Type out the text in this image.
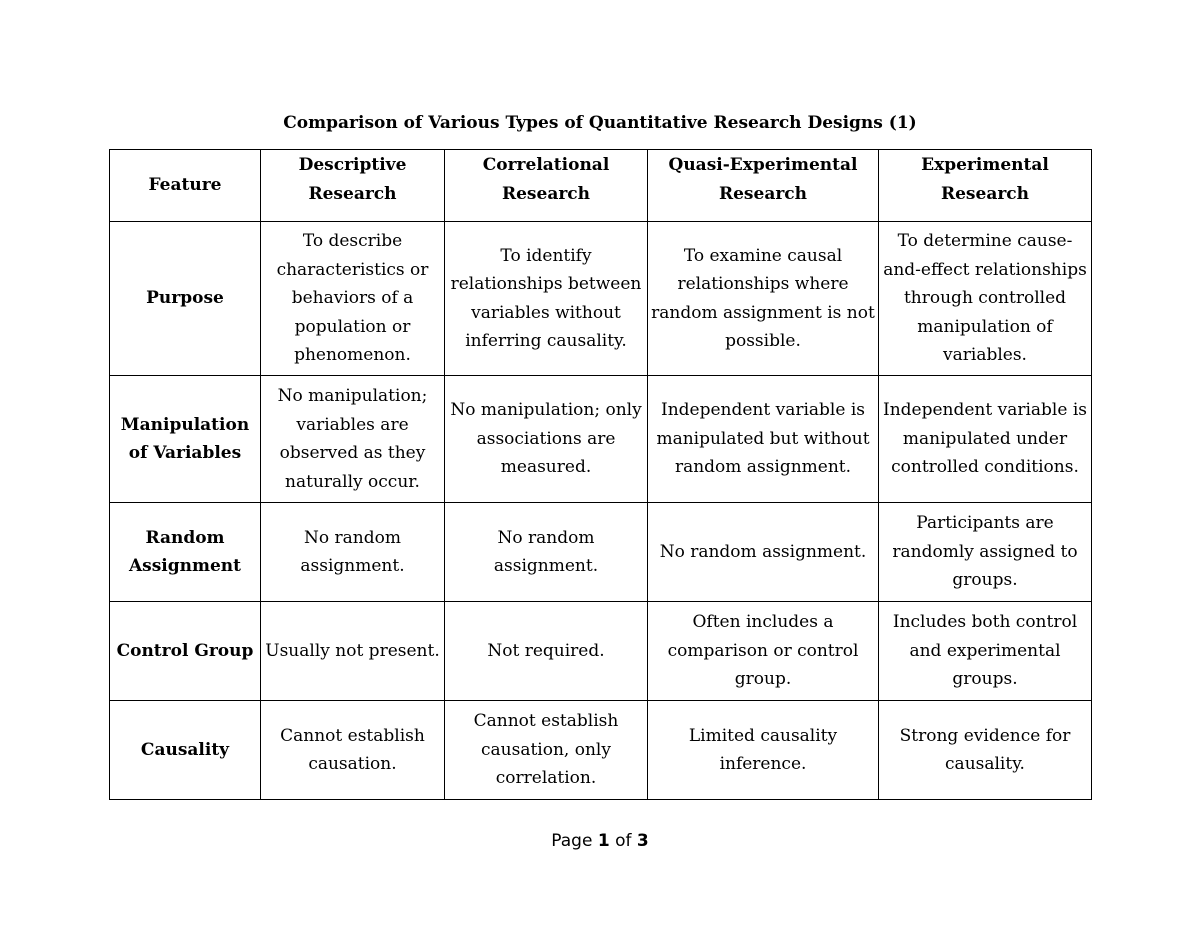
Comparison of Various Types of Quantitative Research Designs (1)
Feature	Descriptive Research	Correlational Research	Quasi-Experimental Research	Experimental Research
Purpose	To describe characteristics or behaviors of a population or phenomenon.	To identify relationships between variables without inferring causality.	To examine causal relationships where random assignment is not possible.	To determine cause-and-effect relationships through controlled manipulation of variables.
Manipulation of Variables	No manipulation; variables are observed as they naturally occur.	No manipulation; only associations are measured.	Independent variable is manipulated but without random assignment.	Independent variable is manipulated under controlled conditions.
Random Assignment	No random assignment.	No random assignment.	No random assignment.	Participants are randomly assigned to groups.
Control Group	Usually not present.	Not required.	Often includes a comparison or control group.	Includes both control and experimental groups.
Causality	Cannot establish causation.	Cannot establish causation, only correlation.	Limited causality inference.	Strong evidence for causality.
Page 1 of 3
